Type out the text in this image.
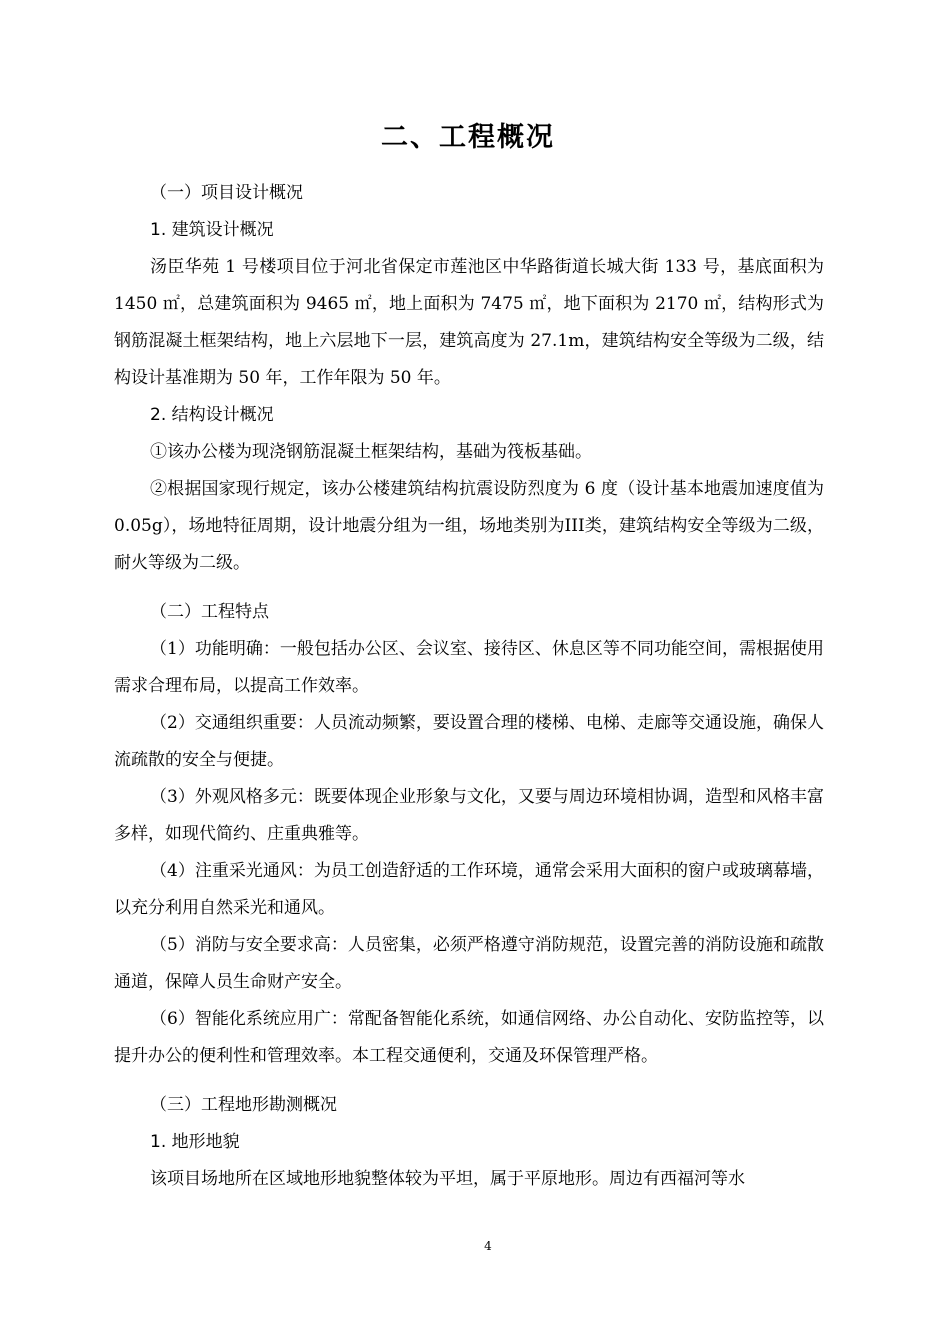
二、工程概况
（一）项目设计概况
1. 建筑设计概况
汤臣华苑 1 号楼项目位于河北省保定市莲池区中华路街道长城大街 133 号，基底面积为 1450 ㎡，总建筑面积为 9465 ㎡，地上面积为 7475 ㎡，地下面积为 2170 ㎡，结构形式为钢筋混凝土框架结构，地上六层地下一层，建筑高度为 27.1m，建筑结构安全等级为二级，结构设计基准期为 50 年，工作年限为 50 年。
2. 结构设计概况
①该办公楼为现浇钢筋混凝土框架结构，基础为筏板基础。
②根据国家现行规定，该办公楼建筑结构抗震设防烈度为 6 度（设计基本地震加速度值为 0.05g），场地特征周期，设计地震分组为一组，场地类别为III类，建筑结构安全等级为二级，耐火等级为二级。
（二）工程特点
（1）功能明确：一般包括办公区、会议室、接待区、休息区等不同功能空间，需根据使用需求合理布局，以提高工作效率。
（2）交通组织重要：人员流动频繁，要设置合理的楼梯、电梯、走廊等交通设施，确保人流疏散的安全与便捷。
（3）外观风格多元：既要体现企业形象与文化，又要与周边环境相协调，造型和风格丰富多样，如现代简约、庄重典雅等。
（4）注重采光通风：为员工创造舒适的工作环境，通常会采用大面积的窗户或玻璃幕墙，以充分利用自然采光和通风。
（5）消防与安全要求高：人员密集，必须严格遵守消防规范，设置完善的消防设施和疏散通道，保障人员生命财产安全。
（6）智能化系统应用广：常配备智能化系统，如通信网络、办公自动化、安防监控等，以提升办公的便利性和管理效率。本工程交通便利，交通及环保管理严格。
（三）工程地形勘测概况
1. 地形地貌
该项目场地所在区域地形地貌整体较为平坦，属于平原地形。周边有西福河等水
4
